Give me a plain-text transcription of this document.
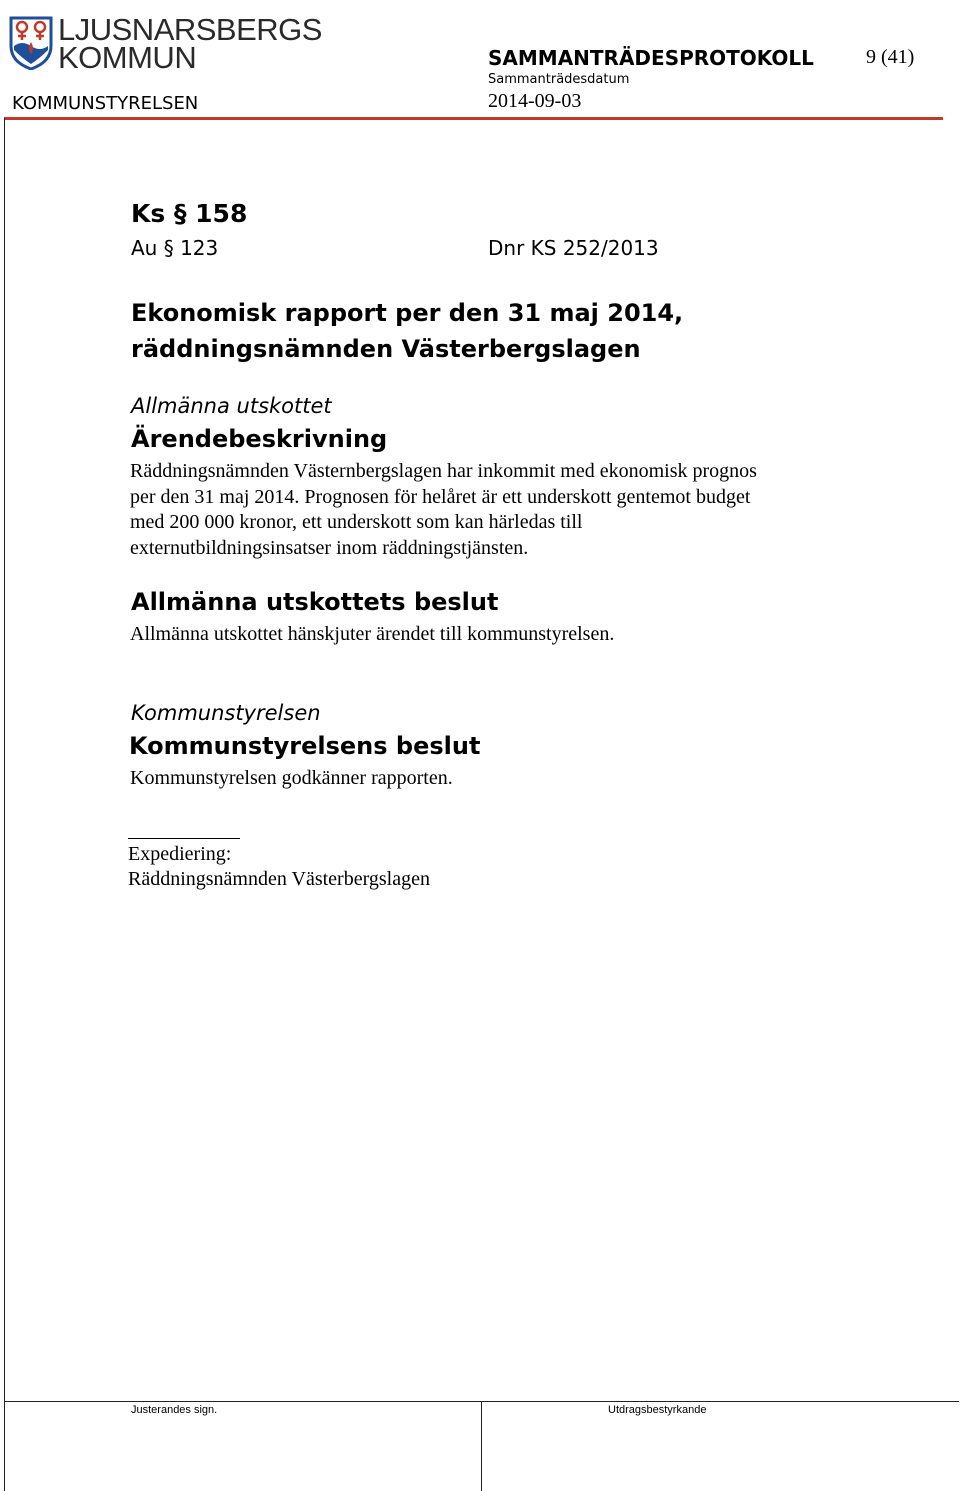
LJUSNARSBERGS
KOMMUN	SAMMANTRÄDESPROTOKOLL	9 (41)
Sammanträdesdatum
2014-09-03
KOMMUNSTYRELSEN
Ks § 158
Au § 123	Dnr KS 252/2013
Ekonomisk rapport per den 31 maj 2014,
räddningsnämnden Västerbergslagen
Allmänna utskottet
Ärendebeskrivning
Räddningsnämnden Västernbergslagen har inkommit med ekonomisk prognos
per den 31 maj 2014. Prognosen för helåret är ett underskott gentemot budget
med 200 000 kronor, ett underskott som kan härledas till
externutbildningsinsatser inom räddningstjänsten.
Allmänna utskottets beslut
Allmänna utskottet hänskjuter ärendet till kommunstyrelsen.
Kommunstyrelsen
Kommunstyrelsens beslut
Kommunstyrelsen godkänner rapporten.
Expediering:
Räddningsnämnden Västerbergslagen
Justerandes sign.	Utdragsbestyrkande
